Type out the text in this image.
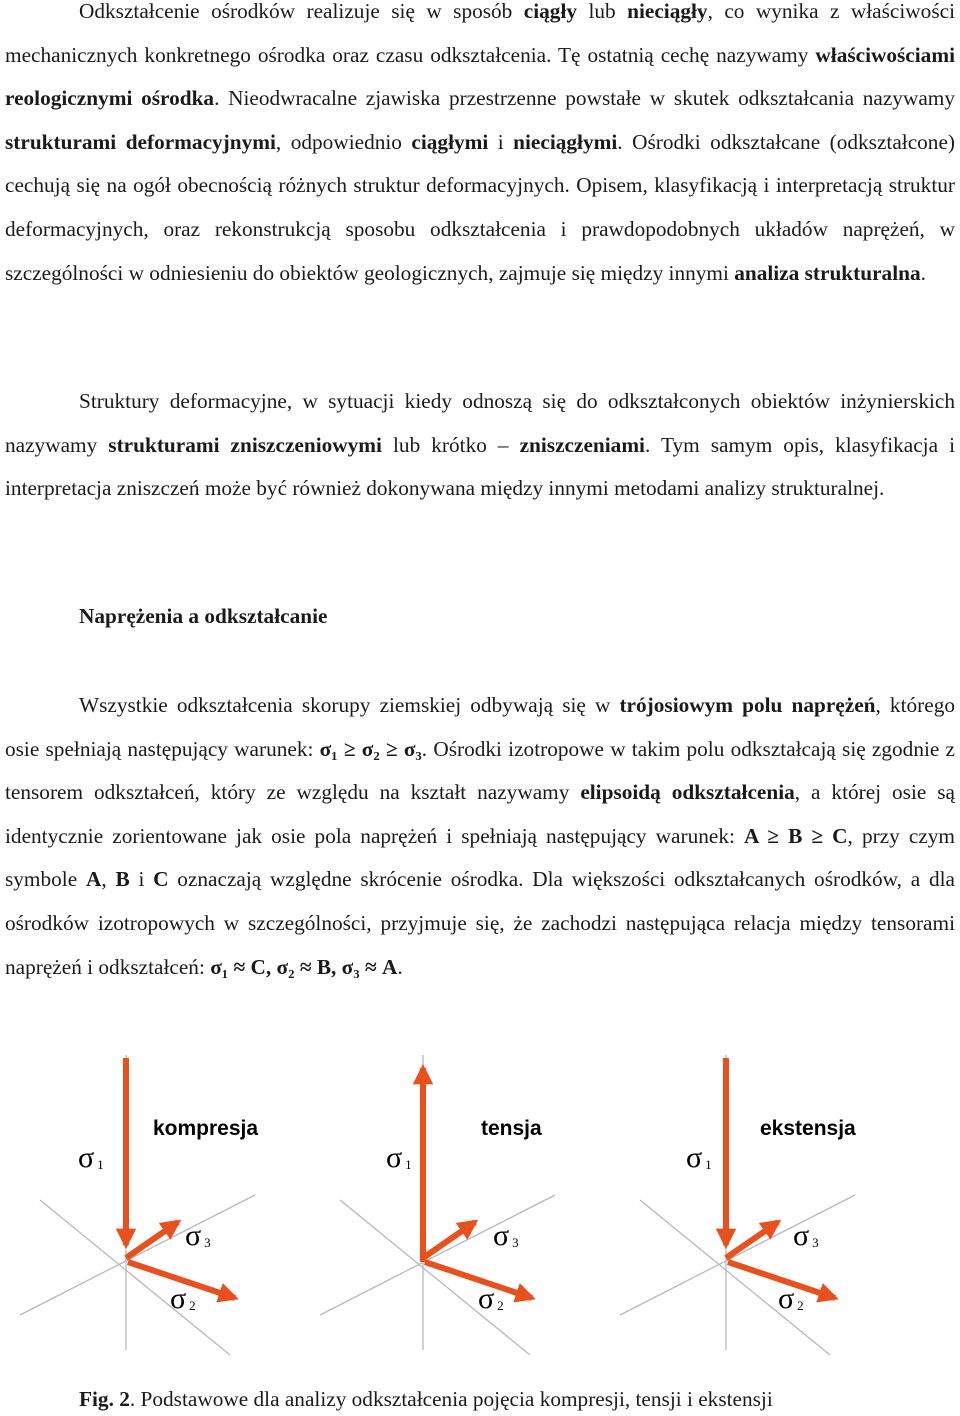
Odkształcenie ośrodków realizuje się w sposób ciągły lub nieciągły, co wynika z właściwości mechanicznych konkretnego ośrodka oraz czasu odkształcenia. Tę ostatnią cechę nazywamy właściwościami reologicznymi ośrodka. Nieodwracalne zjawiska przestrzenne powstałe w skutek odkształcania nazywamy strukturami deformacyjnymi, odpowiednio ciągłymi i nieciągłymi. Ośrodki odkształcane (odkształcone) cechują się na ogół obecnością różnych struktur deformacyjnych. Opisem, klasyfikacją i interpretacją struktur deformacyjnych, oraz rekonstrukcją sposobu odkształcenia i prawdopodobnych układów naprężeń, w szczególności w odniesieniu do obiektów geologicznych, zajmuje się między innymi analiza strukturalna.

Struktury deformacyjne, w sytuacji kiedy odnoszą się do odkształconych obiektów inżynierskich nazywamy strukturami zniszczeniowymi lub krótko – zniszczeniami. Tym samym opis, klasyfikacja i interpretacja zniszczeń może być również dokonywana między innymi metodami analizy strukturalnej.

Naprężenia a odkształcanie

Wszystkie odkształcenia skorupy ziemskiej odbywają się w trójosiowym polu naprężeń, którego osie spełniają następujący warunek: σ₁ ≥ σ₂ ≥ σ₃. Ośrodki izotropowe w takim polu odkształcają się zgodnie z tensorem odkształceń, który ze względu na kształt nazywamy elipsoidą odkształcenia, a której osie są identycznie zorientowane jak osie pola naprężeń i spełniają następujący warunek: A ≥ B ≥ C, przy czym symbole A, B i C oznaczają względne skrócenie ośrodka. Dla większości odkształcanych ośrodków, a dla ośrodków izotropowych w szczególności, przyjmuje się, że zachodzi następująca relacja między tensorami naprężeń i odkształceń: σ₁ ≈ C, σ₂ ≈ B, σ₃ ≈ A.

kompresja
σ 1
σ 3
σ 2
tensja
σ 1
σ 3
σ 2
ekstensja
σ 1
σ 3
σ 2

Fig. 2. Podstawowe dla analizy odkształcenia pojęcia kompresji, tensji i ekstensji
